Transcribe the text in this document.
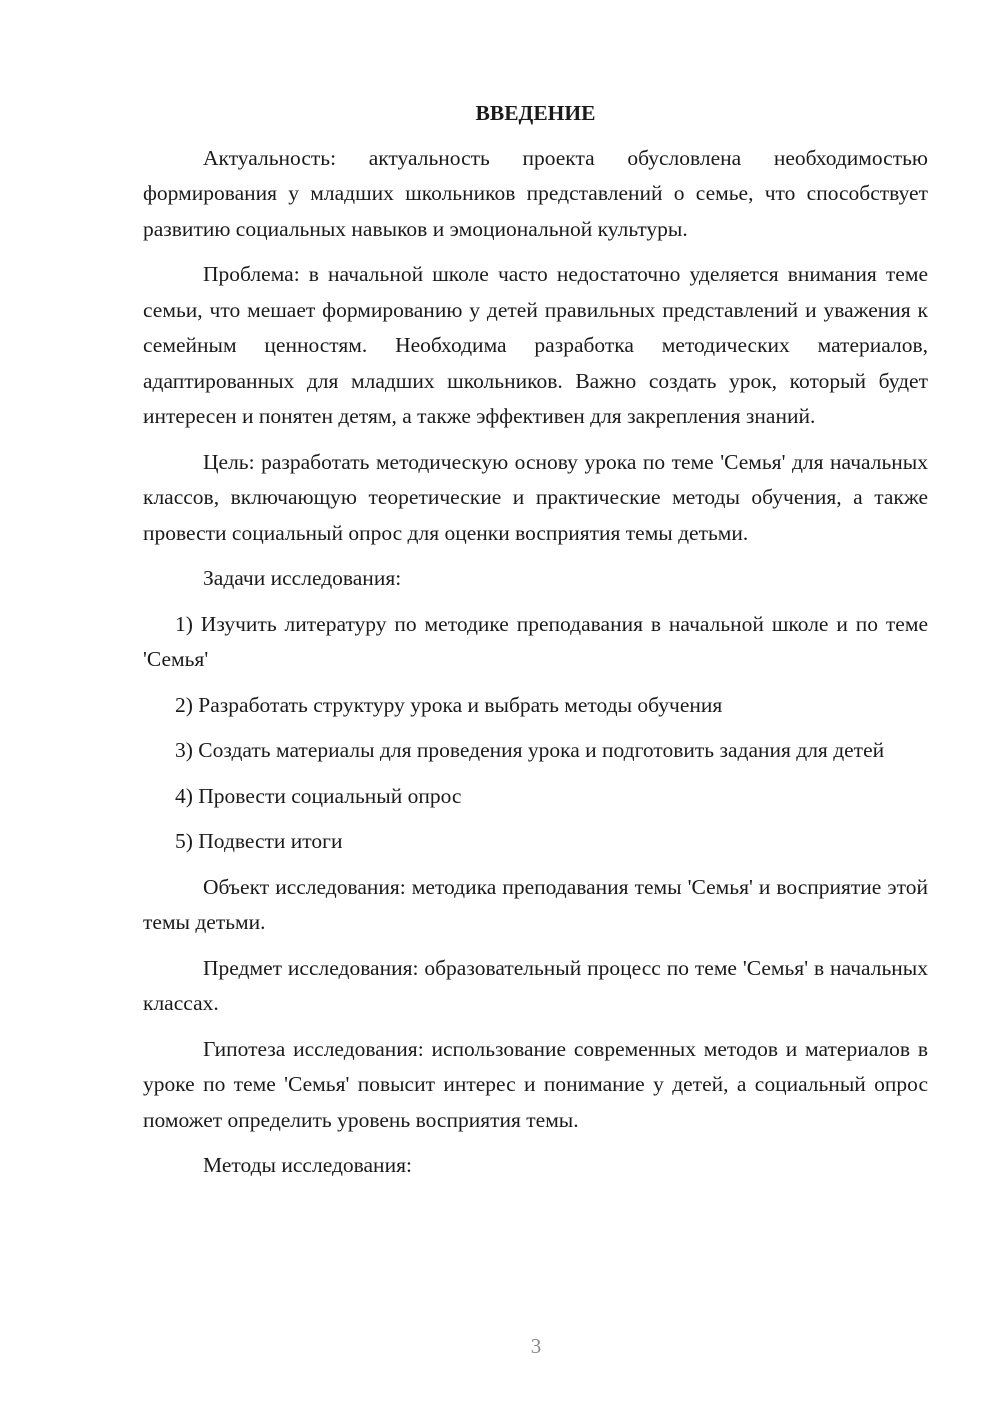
ВВЕДЕНИЕ

Актуальность: актуальность проекта обусловлена необходимостью формирования у младших школьников представлений о семье, что способствует развитию социальных навыков и эмоциональной культуры.

Проблема: в начальной школе часто недостаточно уделяется внимания теме семьи, что мешает формированию у детей правильных представлений и уважения к семейным ценностям. Необходима разработка методических материалов, адаптированных для младших школьников. Важно создать урок, который будет интересен и понятен детям, а также эффективен для закрепления знаний.

Цель: разработать методическую основу урока по теме 'Семья' для начальных классов, включающую теоретические и практические методы обучения, а также провести социальный опрос для оценки восприятия темы детьми.

Задачи исследования:

1) Изучить литературу по методике преподавания в начальной школе и по теме 'Семья'

2) Разработать структуру урока и выбрать методы обучения

3) Создать материалы для проведения урока и подготовить задания для детей

4) Провести социальный опрос

5) Подвести итоги

Объект исследования: методика преподавания темы 'Семья' и восприятие этой темы детьми.

Предмет исследования: образовательный процесс по теме 'Семья' в начальных классах.

Гипотеза исследования: использование современных методов и материалов в уроке по теме 'Семья' повысит интерес и понимание у детей, а социальный опрос поможет определить уровень восприятия темы.

Методы исследования:

3
